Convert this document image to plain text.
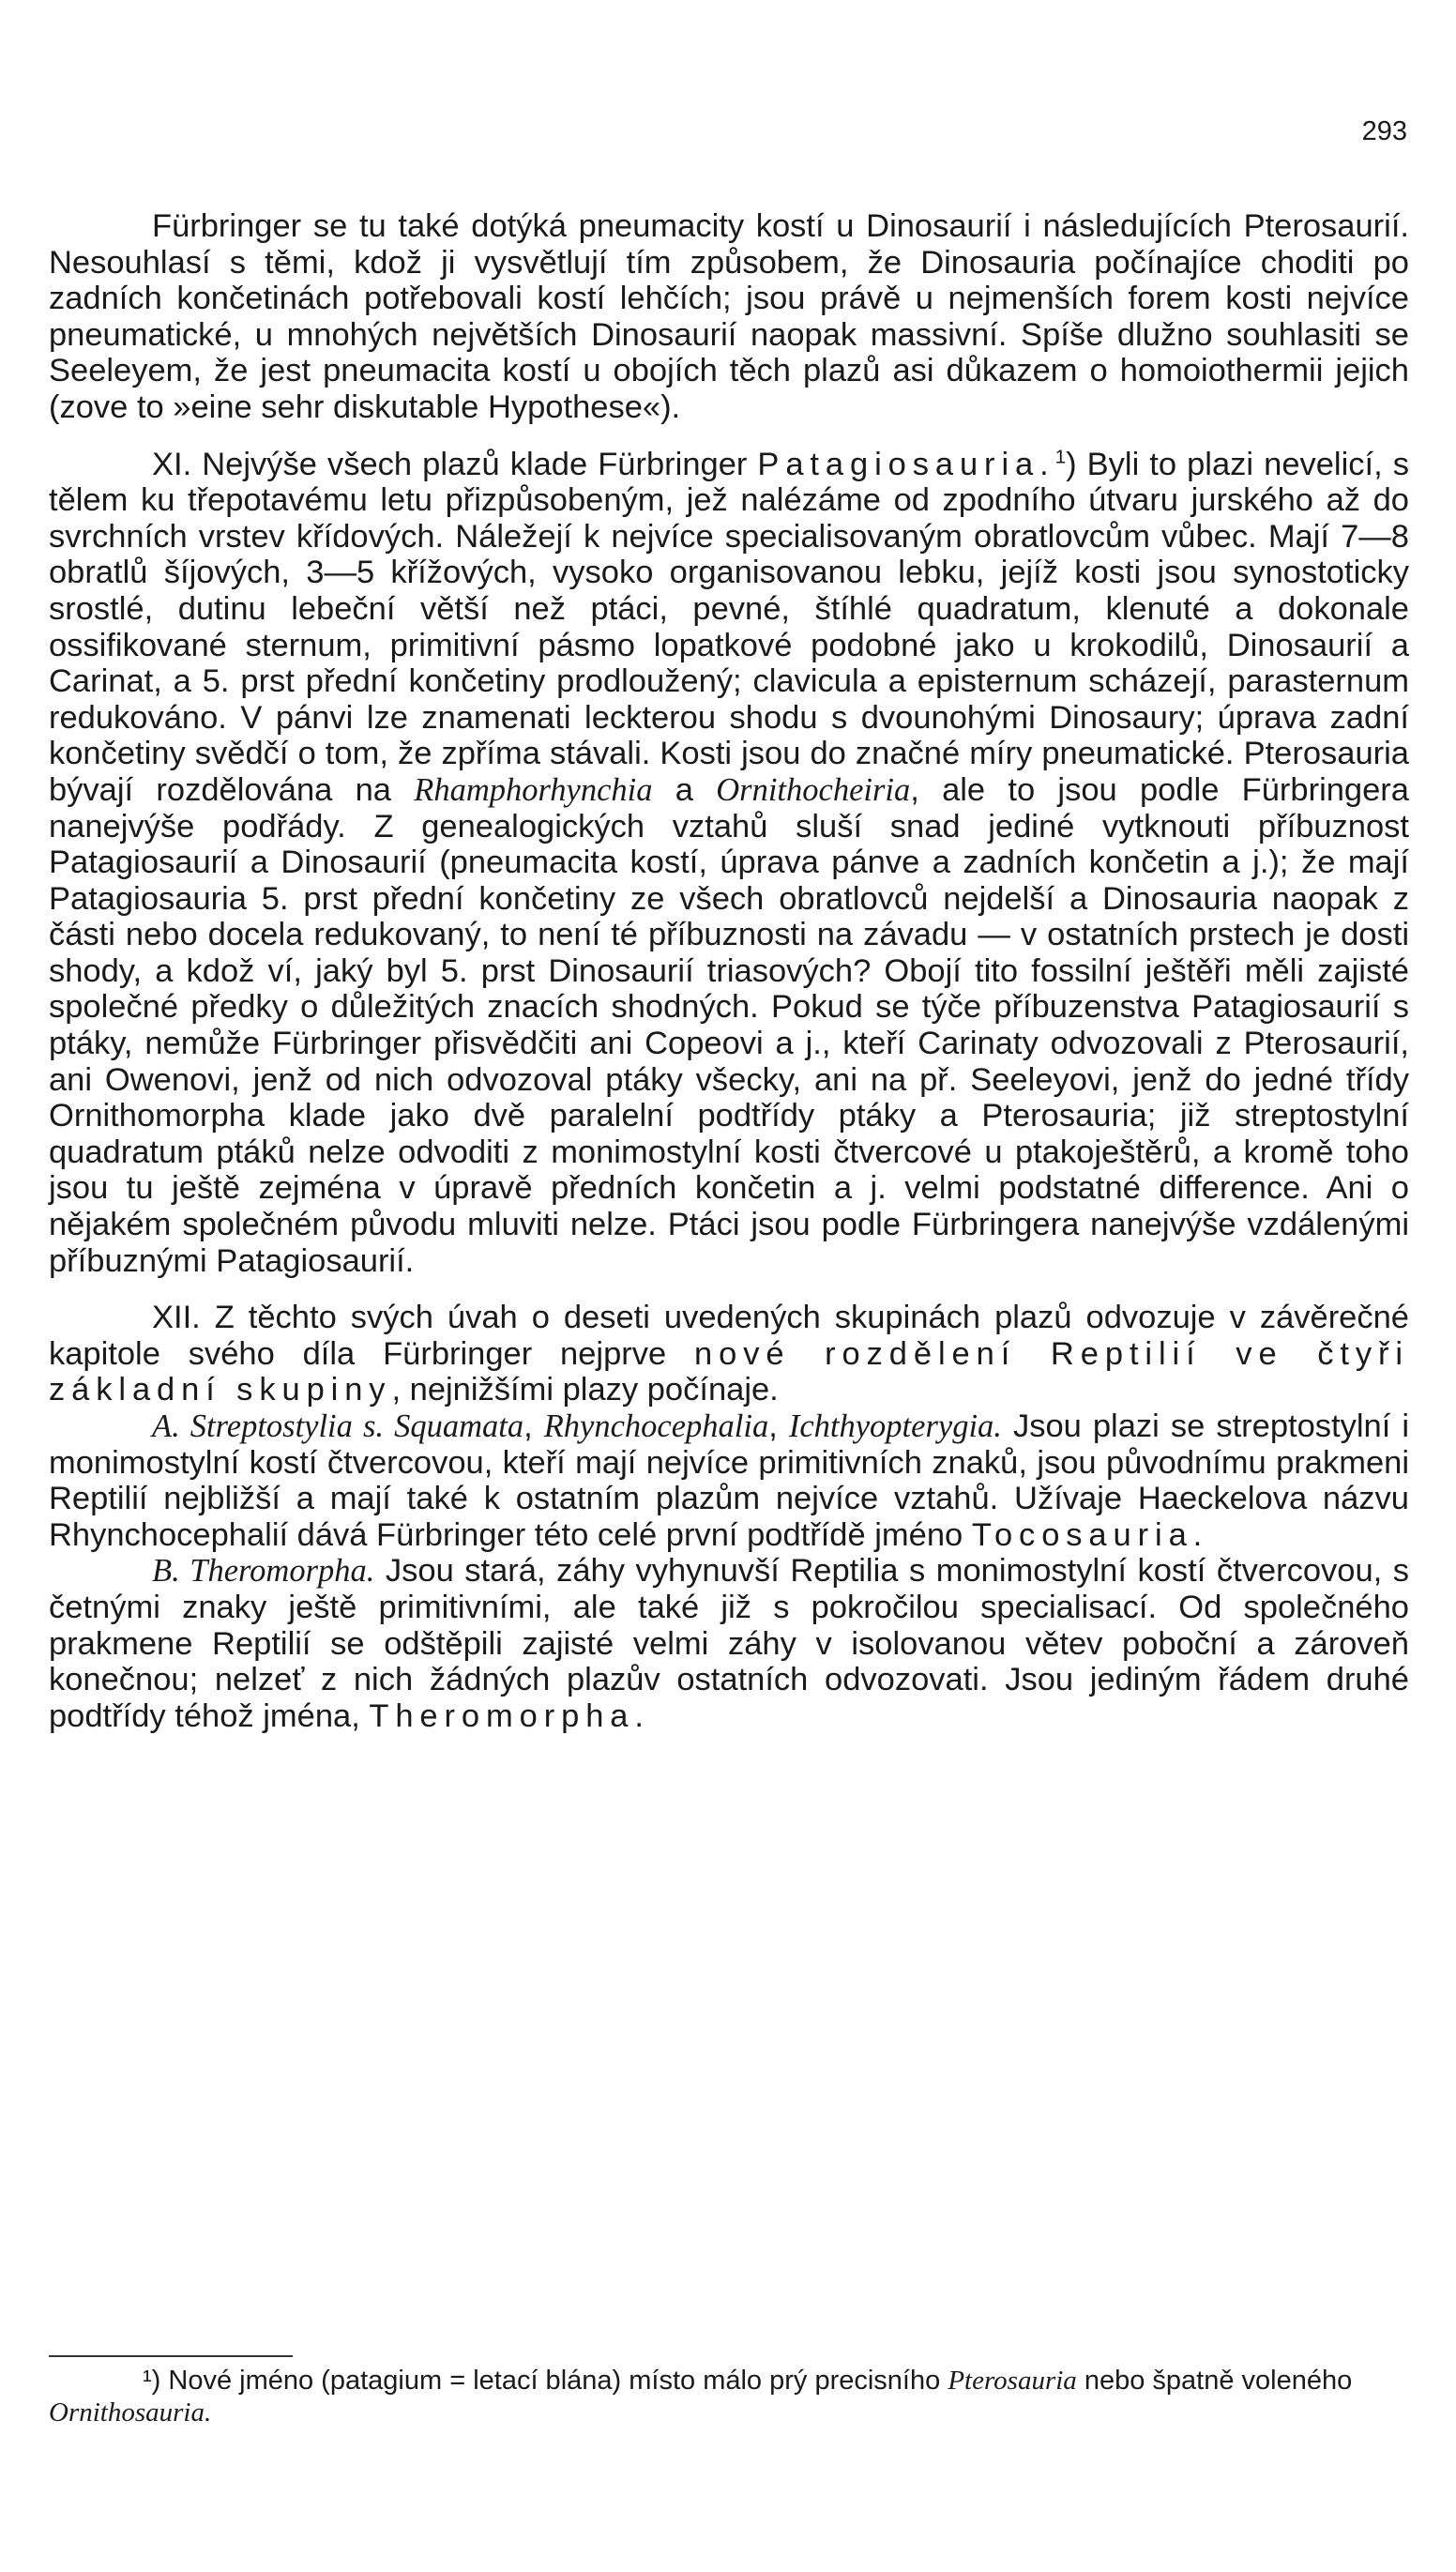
293

Fürbringer se tu také dotýká pneumacity kostí u Dinosaurií i následujících Pterosaurií. Nesouhlasí s těmi, kdož ji vysvětlují tím způsobem, že Dinosauria počínajíce choditi po zadních končetinách potřebovali kostí lehčích; jsou právě u nejmenších forem kosti nejvíce pneumatické, u mnohých největších Dinosaurií naopak massivní. Spíše dlužno souhlasiti se Seeleyem, že jest pneumacita kostí u obojích těch plazů asi důkazem o homoiothermii jejich (zove to »eine sehr diskutable Hypothese«).

XI. Nejvýše všech plazů klade Fürbringer Patagiosauria.$^1$) Byli to plazi nevelicí, s tělem ku třepotavému letu přizpůsobeným, jež nalézáme od zpodního útvaru jurského až do svrchních vrstev křídových. Náležejí k nejvíce specialisovaným obratlovcům vůbec. Mají 7—8 obratlů šíjových, 3—5 křížových, vysoko organisovanou lebku, jejíž kosti jsou synostoticky srostlé, dutinu lebeční větší než ptáci, pevné, štíhlé quadratum, klenuté a dokonale ossifikované sternum, primitivní pásmo lopatkové podobné jako u krokodilů, Dinosaurií a Carinat, a 5. prst přední končetiny prodloužený; clavicula a episternum scházejí, parasternum redukováno. V pánvi lze znamenati leckterou shodu s dvounohými Dinosaury; úprava zadní končetiny svědčí o tom, že zpříma stávali. Kosti jsou do značné míry pneumatické. Pterosauria bývají rozdělována na Rhamphorhynchia a Ornithocheiria, ale to jsou podle Fürbringera nanejvýše podřády. Z genealogických vztahů sluší snad jediné vytknouti příbuznost Patagiosaurií a Dinosaurií (pneumacita kostí, úprava pánve a zadních končetin a j.); že mají Patagiosauria 5. prst přední končetiny ze všech obratlovců nejdelší a Dinosauria naopak z části nebo docela redukovaný, to není té příbuznosti na závadu — v ostatních prstech je dosti shody, a kdož ví, jaký byl 5. prst Dinosaurií triasových? Obojí tito fossilní ještěři měli zajisté společné předky o důležitých znacích shodných. Pokud se týče příbuzenstva Patagiosaurií s ptáky, nemůže Fürbringer přisvědčiti ani Copeovi a j., kteří Carinaty odvozovali z Pterosaurií, ani Owenovi, jenž od nich odvozoval ptáky všecky, ani na př. Seeleyovi, jenž do jedné třídy Ornithomorpha klade jako dvě paralelní podtřídy ptáky a Pterosauria; již streptostylní quadratum ptáků nelze odvoditi z monimostylní kosti čtvercové u ptakoještěrů, a kromě toho jsou tu ještě zejména v úpravě předních končetin a j. velmi podstatné difference. Ani o nějakém společném původu mluviti nelze. Ptáci jsou podle Fürbringera nanejvýše vzdálenými příbuznými Patagiosaurií.

XII. Z těchto svých úvah o deseti uvedených skupinách plazů odvozuje v závěrečné kapitole svého díla Fürbringer nejprve nové rozdělení Reptilií ve čtyři základní skupiny, nejnižšími plazy počínaje.

A. Streptostylia s. Squamata, Rhynchocephalia, Ichthyopterygia. Jsou plazi se streptostylní i monimostylní kostí čtvercovou, kteří mají nejvíce primitivních znaků, jsou původnímu prakmeni Reptilií nejbližší a mají také k ostatním plazům nejvíce vztahů. Užívaje Haeckelova názvu Rhynchocephalií dává Fürbringer této celé první podtřídě jméno Tocosauria.

B. Theromorpha. Jsou stará, záhy vyhynuvší Reptilia s monimostylní kostí čtvercovou, s četnými znaky ještě primitivními, ale také již s pokročilou specialisací. Od společného prakmene Reptilií se odštěpili zajisté velmi záhy v isolovanou větev poboční a zároveň konečnou; nelzeť z nich žádných plazův ostatních odvozovati. Jsou jediným řádem druhé podtřídy téhož jména, Theromorpha.

¹) Nové jméno (patagium = letací blána) místo málo prý precisního Pterosauria nebo špatně voleného Ornithosauria.
